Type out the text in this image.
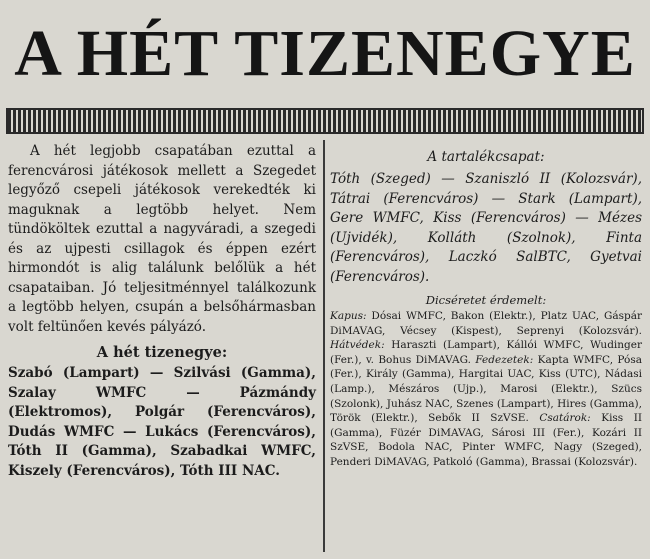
A HÉT TIZENEGYE

A hét legjobb csapatában ezuttal a ferencvárosi játékosok mellett a Szegedet legyőző csepeli játékosok verekedték ki maguknak a legtöbb helyet. Nem tündököltek ezuttal a nagyváradi, a szegedi és az ujpesti csillagok és éppen ezért hirmondót is alig találunk belőlük a hét csapataiban. Jó teljesitménnyel találkozunk a legtöbb helyen, csupán a belsőhármasban volt feltünően kevés pályázó.

A hét tizenegye:

Szabó (Lampart) — Szilvási (Gamma), Szalay WMFC — Pázmándy (Elektromos), Polgár (Ferencváros), Dudás WMFC — Lukács (Ferencváros), Tóth II (Gamma), Szabadkai WMFC, Kiszely (Ferencváros), Tóth III NAC.

A tartalékcsapat:

Tóth (Szeged) — Szaniszló II (Kolozsvár), Tátrai (Ferencváros) — Stark (Lampart), Gere WMFC, Kiss (Ferencváros) — Mézes (Ujvidék), Kolláth (Szolnok), Finta (Ferencváros), Laczkó SalBTC, Gyetvai (Ferencváros).

Dicséretet érdemelt:

Kapus: Dósai WMFC, Bakon (Elektr.), Platz UAC, Gáspár DiMAVAG, Vécsey (Kispest), Seprenyi (Kolozsvár). Hátvédek: Haraszti (Lampart), Kállói WMFC, Wudinger (Fer.), v. Bohus DiMAVAG. Fedezetek: Kapta WMFC, Pósa (Fer.), Király (Gamma), Hargitai UAC, Kiss (UTC), Nádasi (Lamp.), Mészáros (Ujp.), Marosi (Elektr.), Szücs (Szolonk), Juhász NAC, Szenes (Lampart), Hires (Gamma), Török (Elektr.), Sebők II SzVSE. Csatárok: Kiss II (Gamma), Füzér DiMAVAG, Sárosi III (Fer.), Kozári II SzVSE, Bodola NAC, Pinter WMFC, Nagy (Szeged), Penderi DiMAVAG, Patkoló (Gamma), Brassai (Kolozsvár).
